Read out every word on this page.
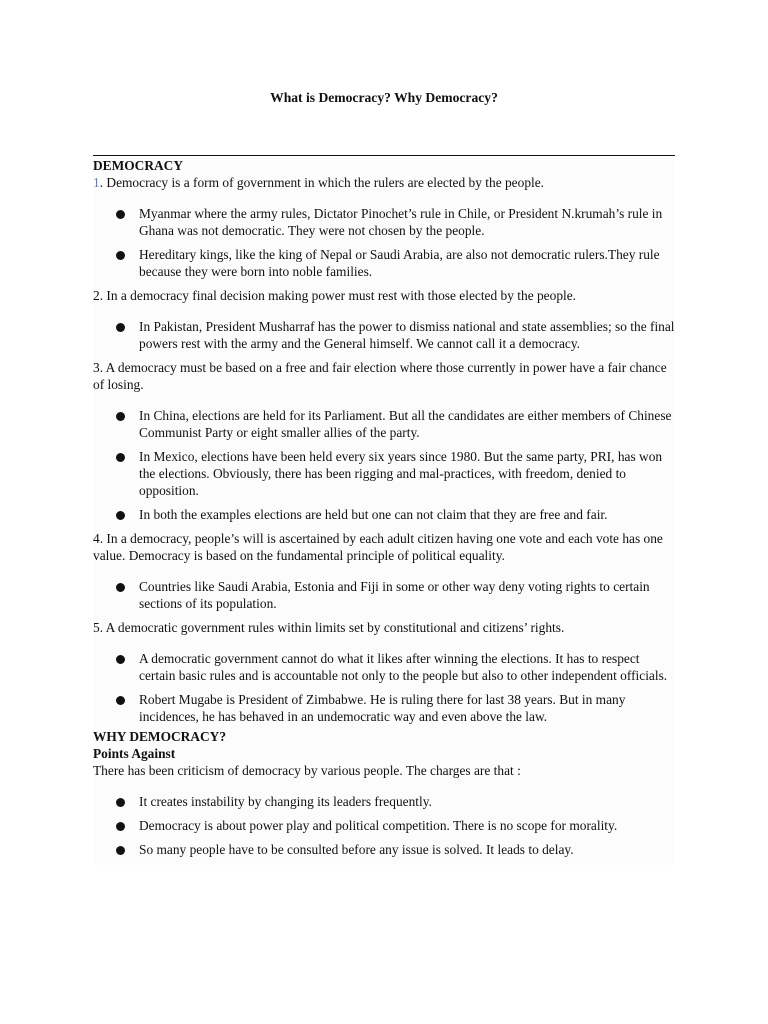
What is Democracy? Why Democracy?

DEMOCRACY

1. Democracy is a form of government in which the rulers are elected by the people.

Myanmar where the army rules, Dictator Pinochet’s rule in Chile, or President N.krumah’s rule in Ghana was not democratic. They were not chosen by the people.
Hereditary kings, like the king of Nepal or Saudi Arabia, are also not democratic rulers.They rule because they were born into noble families.

2. In a democracy final decision making power must rest with those elected by the people.

In Pakistan, President Musharraf has the power to dismiss national and state assemblies; so the final powers rest with the army and the General himself. We cannot call it a democracy.

3. A democracy must be based on a free and fair election where those currently in power have a fair chance of losing.

In China, elections are held for its Parliament. But all the candidates are either members of Chinese Communist Party or eight smaller allies of the party.
In Mexico, elections have been held every six years since 1980. But the same party, PRI, has won the elections. Obviously, there has been rigging and mal-practices, with freedom, denied to opposition.
In both the examples elections are held but one can not claim that they are free and fair.

4. In a democracy, people’s will is ascertained by each adult citizen having one vote and each vote has one value. Democracy is based on the fundamental principle of political equality.

Countries like Saudi Arabia, Estonia and Fiji in some or other way deny voting rights to certain sections of its population.

5. A democratic government rules within limits set by constitutional and citizens’ rights.

A democratic government cannot do what it likes after winning the elections. It has to respect certain basic rules and is accountable not only to the people but also to other independent officials.
Robert Mugabe is President of Zimbabwe. He is ruling there for last 38 years. But in many incidences, he has behaved in an undemocratic way and even above the law.

WHY DEMOCRACY?

Points Against

There has been criticism of democracy by various people. The charges are that :

It creates instability by changing its leaders frequently.
Democracy is about power play and political competition. There is no scope for morality.
So many people have to be consulted before any issue is solved. It leads to delay.
